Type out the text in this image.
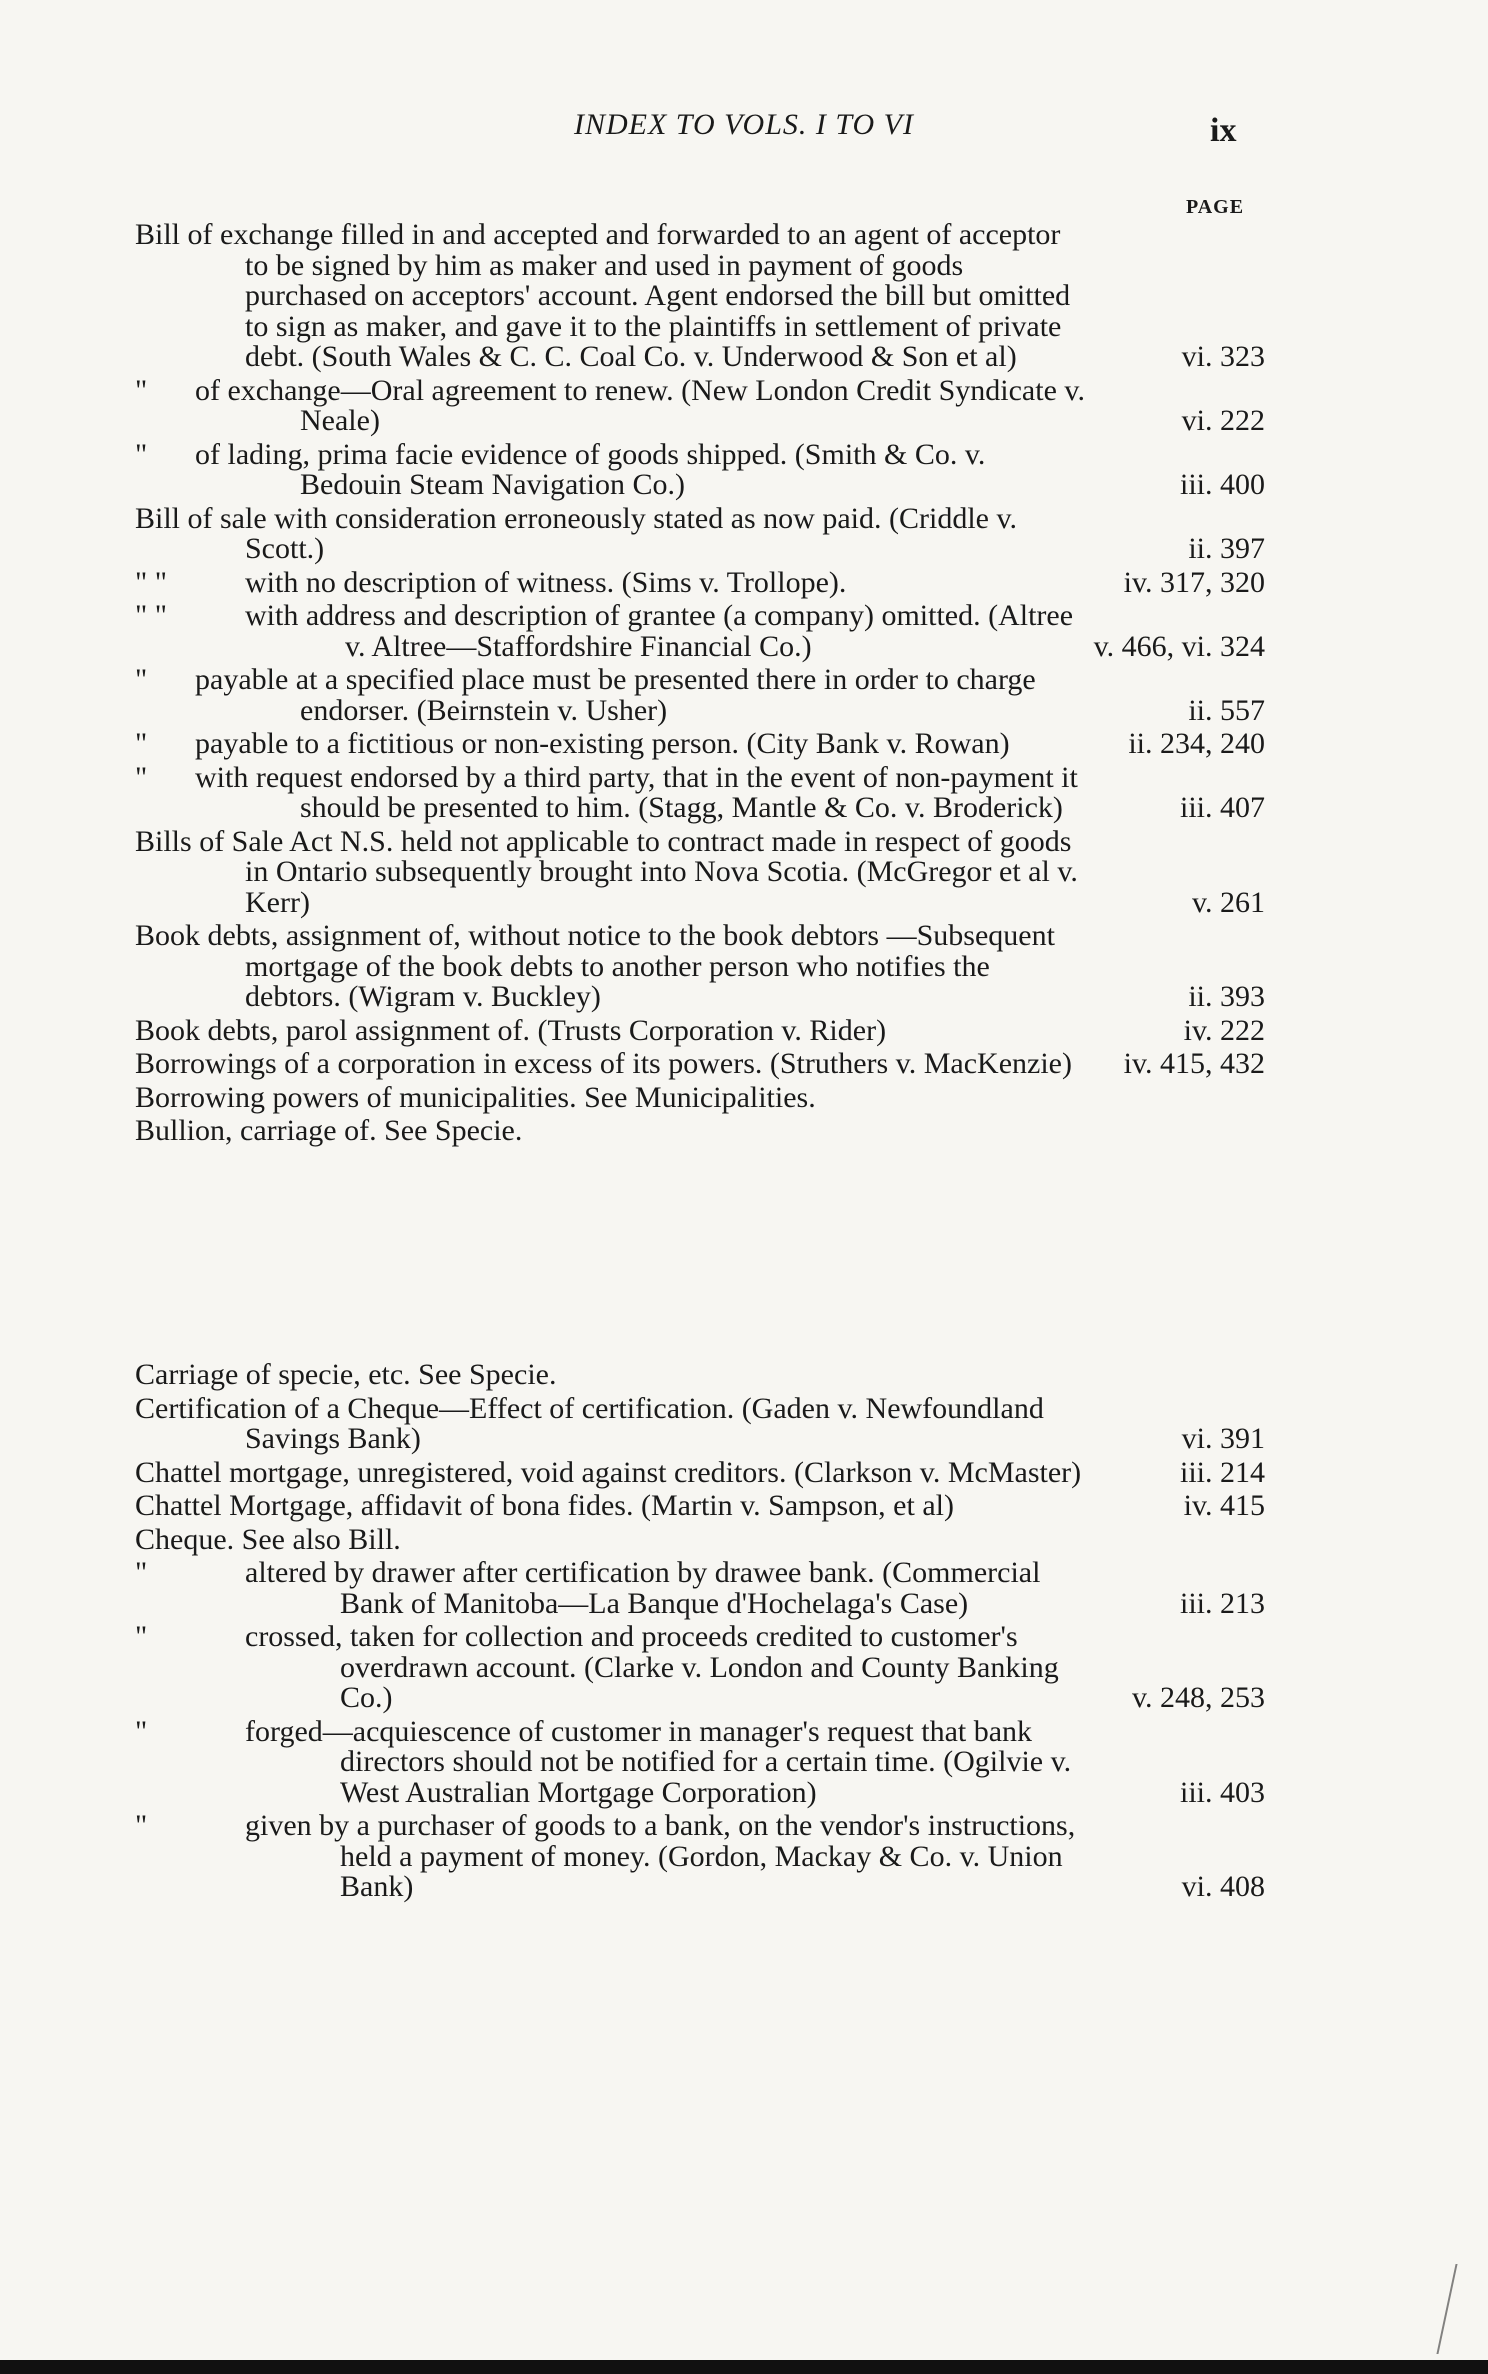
INDEX TO VOLS. I TO VI	ix
PAGE
Bill of exchange filled in and accepted and forwarded to an agent of acceptor to be signed by him as maker and used in payment of goods purchased on acceptors' account. Agent endorsed the bill but omitted to sign as maker, and gave it to the plaintiffs in settlement of private debt. (South Wales & C. C. Coal Co. v. Underwood & Son et al)	vi. 323
" of exchange—Oral agreement to renew. (New London Credit Syndicate v. Neale)	vi. 222
" of lading, prima facie evidence of goods shipped. (Smith & Co. v. Bedouin Steam Navigation Co.)	iii. 400
Bill of sale with consideration erroneously stated as now paid. (Criddle v. Scott.)	ii. 397
" "	with no description of witness. (Sims v. Trollope).	iv. 317, 320
" "	with address and description of grantee (a company) omitted. (Altree v. Altree—Staffordshire Financial Co.)	v. 466, vi. 324
" payable at a specified place must be presented there in order to charge endorser. (Beirnstein v. Usher)	ii. 557
" payable to a fictitious or non-existing person. (City Bank v. Rowan)	ii. 234, 240
" with request endorsed by a third party, that in the event of non-payment it should be presented to him. (Stagg, Mantle & Co. v. Broderick)	iii. 407
Bills of Sale Act N.S. held not applicable to contract made in respect of goods in Ontario subsequently brought into Nova Scotia. (McGregor et al v. Kerr)	v. 261
Book debts, assignment of, without notice to the book debtors —Subsequent mortgage of the book debts to another person who notifies the debtors. (Wigram v. Buckley)	ii. 393
Book debts, parol assignment of. (Trusts Corporation v. Rider)	iv. 222
Borrowings of a corporation in excess of its powers. (Struthers v. MacKenzie)	iv. 415, 432
Borrowing powers of municipalities. See Municipalities.
Bullion, carriage of. See Specie.
Carriage of specie, etc. See Specie.
Certification of a Cheque—Effect of certification. (Gaden v. Newfoundland Savings Bank)	vi. 391
Chattel mortgage, unregistered, void against creditors. (Clarkson v. McMaster)	iii. 214
Chattel Mortgage, affidavit of bona fides. (Martin v. Sampson, et al)	iv. 415
Cheque. See also Bill.
"	altered by drawer after certification by drawee bank. (Commercial Bank of Manitoba—La Banque d'Hochelaga's Case)	iii. 213
"	crossed, taken for collection and proceeds credited to customer's overdrawn account. (Clarke v. London and County Banking Co.)	v. 248, 253
"	forged—acquiescence of customer in manager's request that bank directors should not be notified for a certain time. (Ogilvie v. West Australian Mortgage Corporation)	iii. 403
"	given by a purchaser of goods to a bank, on the vendor's instructions, held a payment of money. (Gordon, Mackay & Co. v. Union Bank)	vi. 408
